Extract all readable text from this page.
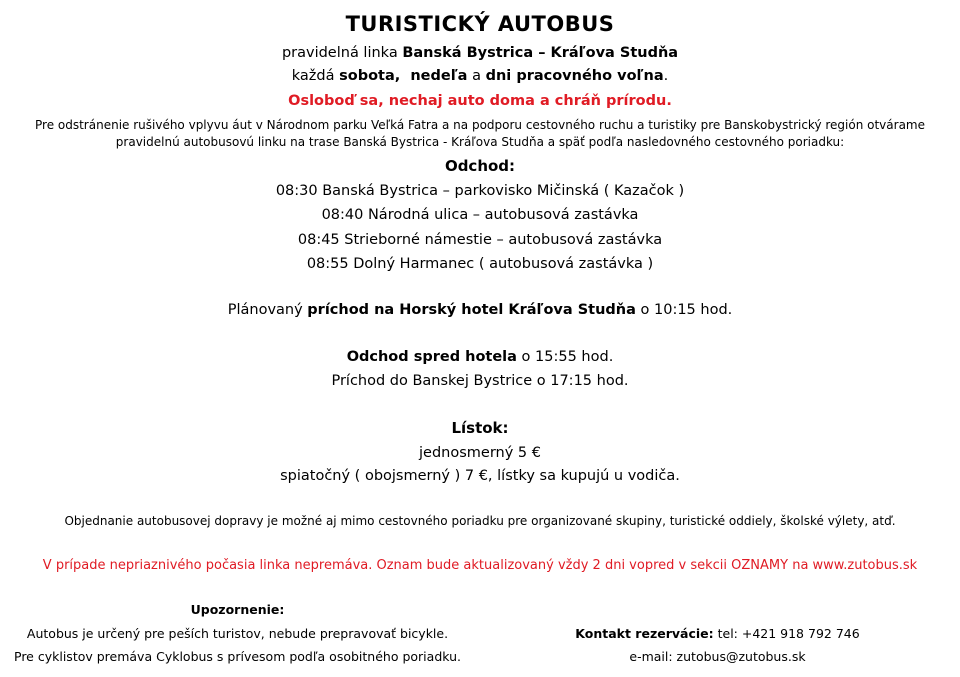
TURISTICKÝ AUTOBUS
pravidelná linka Banská Bystrica – Kráľova Studňa
každá sobota,  nedeľa a dni pracovného voľna.
Osloboď sa, nechaj auto doma a chráň prírodu.
Pre odstránenie rušivého vplyvu áut v Národnom parku Veľká Fatra a na podporu cestovného ruchu a turistiky pre Banskobystrický región otvárame pravidelnú autobusovú linku na trase Banská Bystrica - Kráľova Studňa a späť podľa nasledovného cestovného poriadku:
Odchod:
08:30 Banská Bystrica – parkovisko Mičinská ( Kazačok )
08:40 Národná ulica – autobusová zastávka
08:45 Strieborné námestie – autobusová zastávka
08:55 Dolný Harmanec ( autobusová zastávka )
Plánovaný príchod na Horský hotel Kráľova Studňa o 10:15 hod.
Odchod spred hotela o 15:55 hod.
Príchod do Banskej Bystrice o 17:15 hod.
Lístok:
jednosmerný 5 €
spiatočný ( obojsmerný ) 7 €, lístky sa kupujú u vodiča.
Objednanie autobusovej dopravy je možné aj mimo cestovného poriadku pre organizované skupiny, turistické oddiely, školské výlety, atď.
V prípade nepriaznivého počasia linka nepremáva. Oznam bude aktualizovaný vždy 2 dni vopred v sekcii OZNAMY na www.zutobus.sk
Upozornenie:
Autobus je určený pre peších turistov, nebude prepravovať bicykle.
Pre cyklistov premáva Cyklobus s prívesom podľa osobitného poriadku.
Kontakt rezervácie: tel: +421 918 792 746
e-mail: zutobus@zutobus.sk
